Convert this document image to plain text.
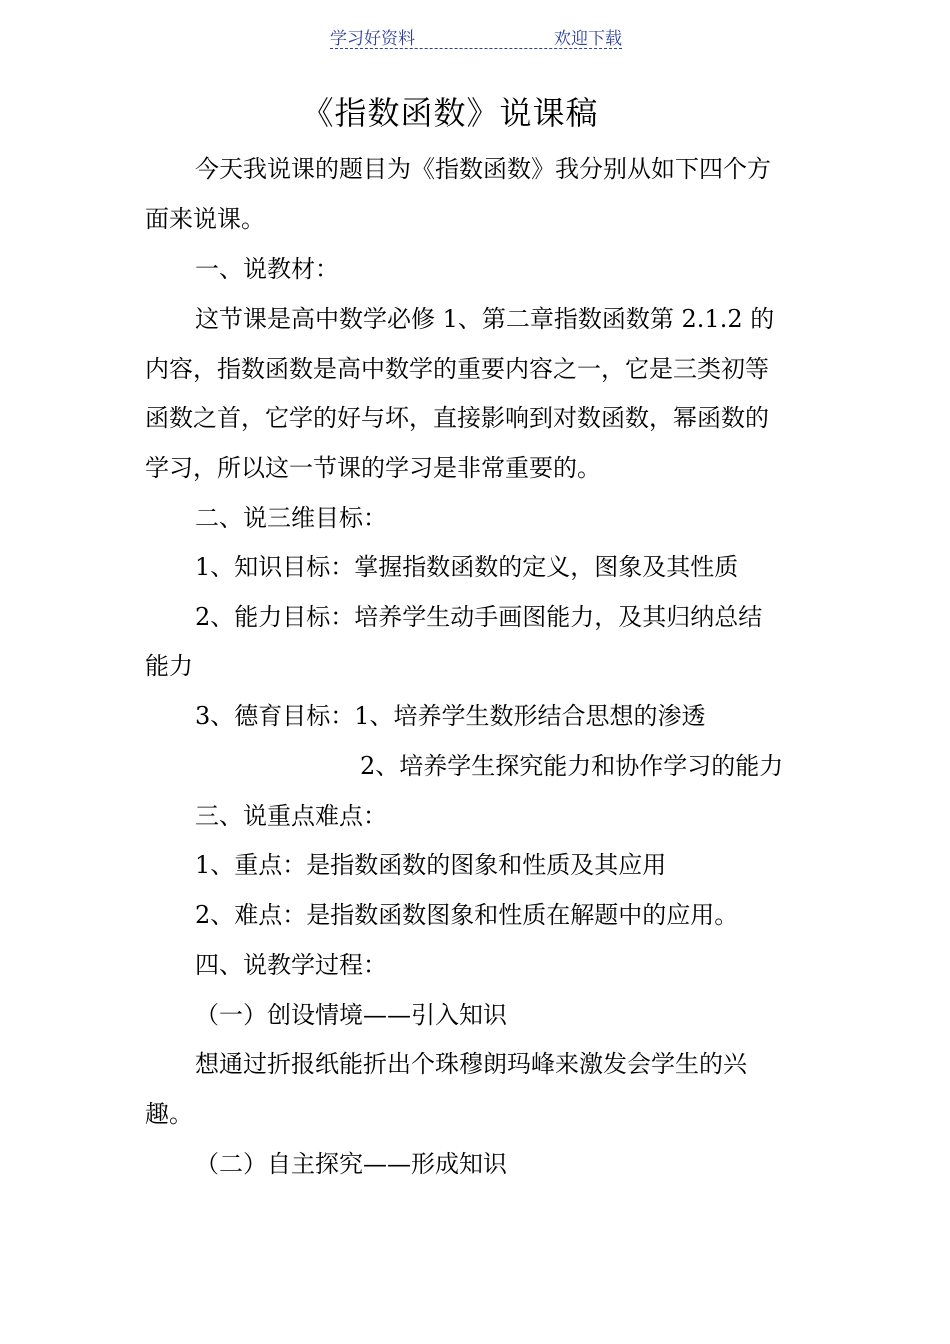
学习好资料	欢迎下载
《指数函数》说课稿
今天我说课的题目为《指数函数》我分别从如下四个方
面来说课。
一、说教材：
这节课是高中数学必修 1、第二章指数函数第 2.1.2 的
内容，指数函数是高中数学的重要内容之一，它是三类初等
函数之首，它学的好与坏，直接影响到对数函数，幂函数的
学习，所以这一节课的学习是非常重要的。
二、说三维目标：
1、知识目标：掌握指数函数的定义，图象及其性质
2、能力目标：培养学生动手画图能力，及其归纳总结
能力
3、德育目标：1、培养学生数形结合思想的渗透
2、培养学生探究能力和协作学习的能力
三、说重点难点：
1、重点：是指数函数的图象和性质及其应用
2、难点：是指数函数图象和性质在解题中的应用。
四、说教学过程：
（一）创设情境——引入知识
想通过折报纸能折出个珠穆朗玛峰来激发会学生的兴
趣。
（二）自主探究——形成知识
